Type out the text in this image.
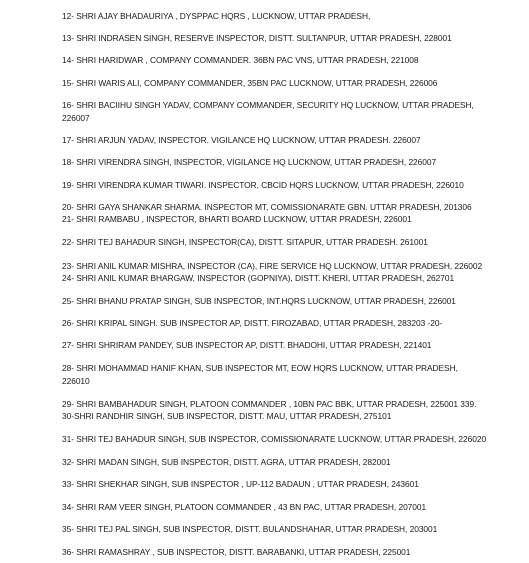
12- SHRI AJAY BHADAURIYA , DYSPPAC HQRS , LUCKNOW, UTTAR PRADESH,
13- SHRI INDRASEN SINGH, RESERVE INSPECTOR, DISTT. SULTANPUR, UTTAR PRADESH, 228001
14- SHRI HARIDWAR , COMPANY COMMANDER. 36BN PAC VNS, UTTAR PRADESH, 221008
15- SHRI WARIS ALI, COMPANY COMMANDER, 35BN PAC LUCKNOW, UTTAR PRADESH, 226006
16- SHRI BACIIHU SINGH YADAV, COMPANY COMMANDER, SECURITY HQ LUCKNOW, UTTAR PRADESH,
226007
17- SHRI ARJUN YADAV, INSPECTOR. VIGILANCE HQ LUCKNOW, UTTAR PRADESH. 226007
18- SHRI VIRENDRA SINGH, INSPECTOR, VIGILANCE HQ LUCKNOW, UTTAR PRADESH, 226007
19- SHRI VIRENDRA KUMAR TIWARI. INSPECTOR, CBCID HQRS LUCKNOW, UTTAR PRADESH, 226010
20- SHRI GAYA SHANKAR SHARMA. INSPECTOR MT, COMISSIONARATE GBN. UTTAR PRADESH, 201306
21- SHRI RAMBABU , INSPECTOR, BHARTI BOARD LUCKNOW, UTTAR PRADESH, 226001
22- SHRI TEJ BAHADUR SINGH, INSPECTOR(CA), DISTT. SITAPUR, UTTAR PRADESH. 261001
23- SHRI ANIL KUMAR MISHRA, INSPECTOR (CA), FIRE SERVICE HQ LUCKNOW, UTTAR PRADESH, 226002
24- SHRI ANIL KUMAR BHARGAW, INSPECTOR (GOPNIYA), DISTT. KHERI, UTTAR PRADESH, 262701
25- SHRI BHANU PRATAP SINGH, SUB INSPECTOR, INT.HQRS LUCKNOW, UTTAR PRADESH, 226001
26- SHRI KRIPAL SINGH. SUB INSPECTOR AP, DISTT. FIROZABAD, UTTAR PRADESH, 283203 -20-
27- SHRI SHRIRAM PANDEY, SUB INSPECTOR AP, DISTT. BHADOHI, UTTAR PRADESH, 221401
28- SHRI MOHAMMAD HANIF KHAN, SUB INSPECTOR MT, EOW HQRS LUCKNOW, UTTAR PRADESH,
226010
29- SHRI BAMBAHADUR SINGH, PLATOON COMMANDER , 10BN PAC BBK, UTTAR PRADESH, 225001 339.
30-SHRI RANDHIR SINGH, SUB INSPECTOR, DISTT. MAU, UTTAR PRADESH, 275101
31- SHRI TEJ BAHADUR SINGH, SUB INSPECTOR, COMISSIONARATE LUCKNOW, UTTAR PRADESH, 226020
32- SHRI MADAN SINGH, SUB INSPECTOR, DISTT. AGRA, UTTAR PRADESH, 282001
33- SHRI SHEKHAR SINGH, SUB INSPECTOR , UP-112 BADAUN , UTTAR PRADESH, 243601
34- SHRI RAM VEER SINGH, PLATOON COMMANDER , 43 BN PAC, UTTAR PRADESH, 207001
35- SHRI TEJ PAL SINGH, SUB INSPECTOR, DISTT. BULANDSHAHAR, UTTAR PRADESH, 203001
36- SHRI RAMASHRAY , SUB INSPECTOR, DISTT. BARABANKI, UTTAR PRADESH, 225001
